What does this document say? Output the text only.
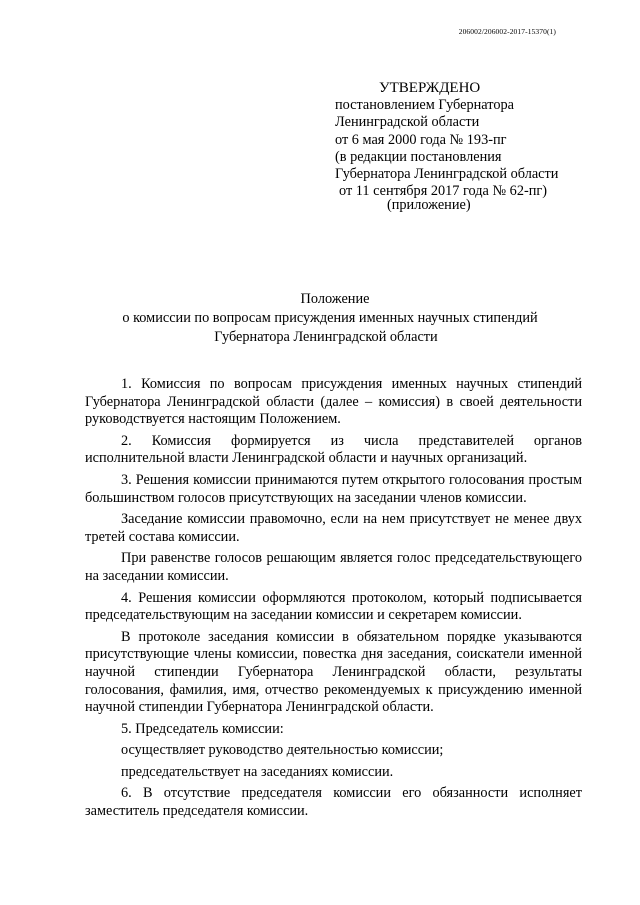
206002/206002-2017-15370(1)
УТВЕРЖДЕНО
постановлением Губернатора
Ленинградской области
от 6 мая 2000 года № 193-пг
(в редакции постановления
Губернатора Ленинградской области
от 11 сентября 2017 года № 62-пг)
(приложение)
Положение
о комиссии по вопросам присуждения именных научных стипендий
Губернатора Ленинградской области

1. Комиссия по вопросам присуждения именных научных стипендий Губернатора Ленинградской области (далее – комиссия) в своей деятельности руководствуется настоящим Положением.

2. Комиссия формируется из числа представителей органов исполнительной власти Ленинградской области и научных организаций.

3. Решения комиссии принимаются путем открытого голосования простым большинством голосов присутствующих на заседании членов комиссии.

Заседание комиссии правомочно, если на нем присутствует не менее двух третей состава комиссии.

При равенстве голосов решающим является голос председательствующего на заседании комиссии.

4. Решения комиссии оформляются протоколом, который подписывается председательствующим на заседании комиссии и секретарем комиссии.

В протоколе заседания комиссии в обязательном порядке указываются присутствующие члены комиссии, повестка дня заседания, соискатели именной научной стипендии Губернатора Ленинградской области, результаты голосования, фамилия, имя, отчество рекомендуемых к присуждению именной научной стипендии Губернатора Ленинградской области.

5. Председатель комиссии:

осуществляет руководство деятельностью комиссии;

председательствует на заседаниях комиссии.

6. В отсутствие председателя комиссии его обязанности исполняет заместитель председателя комиссии.
